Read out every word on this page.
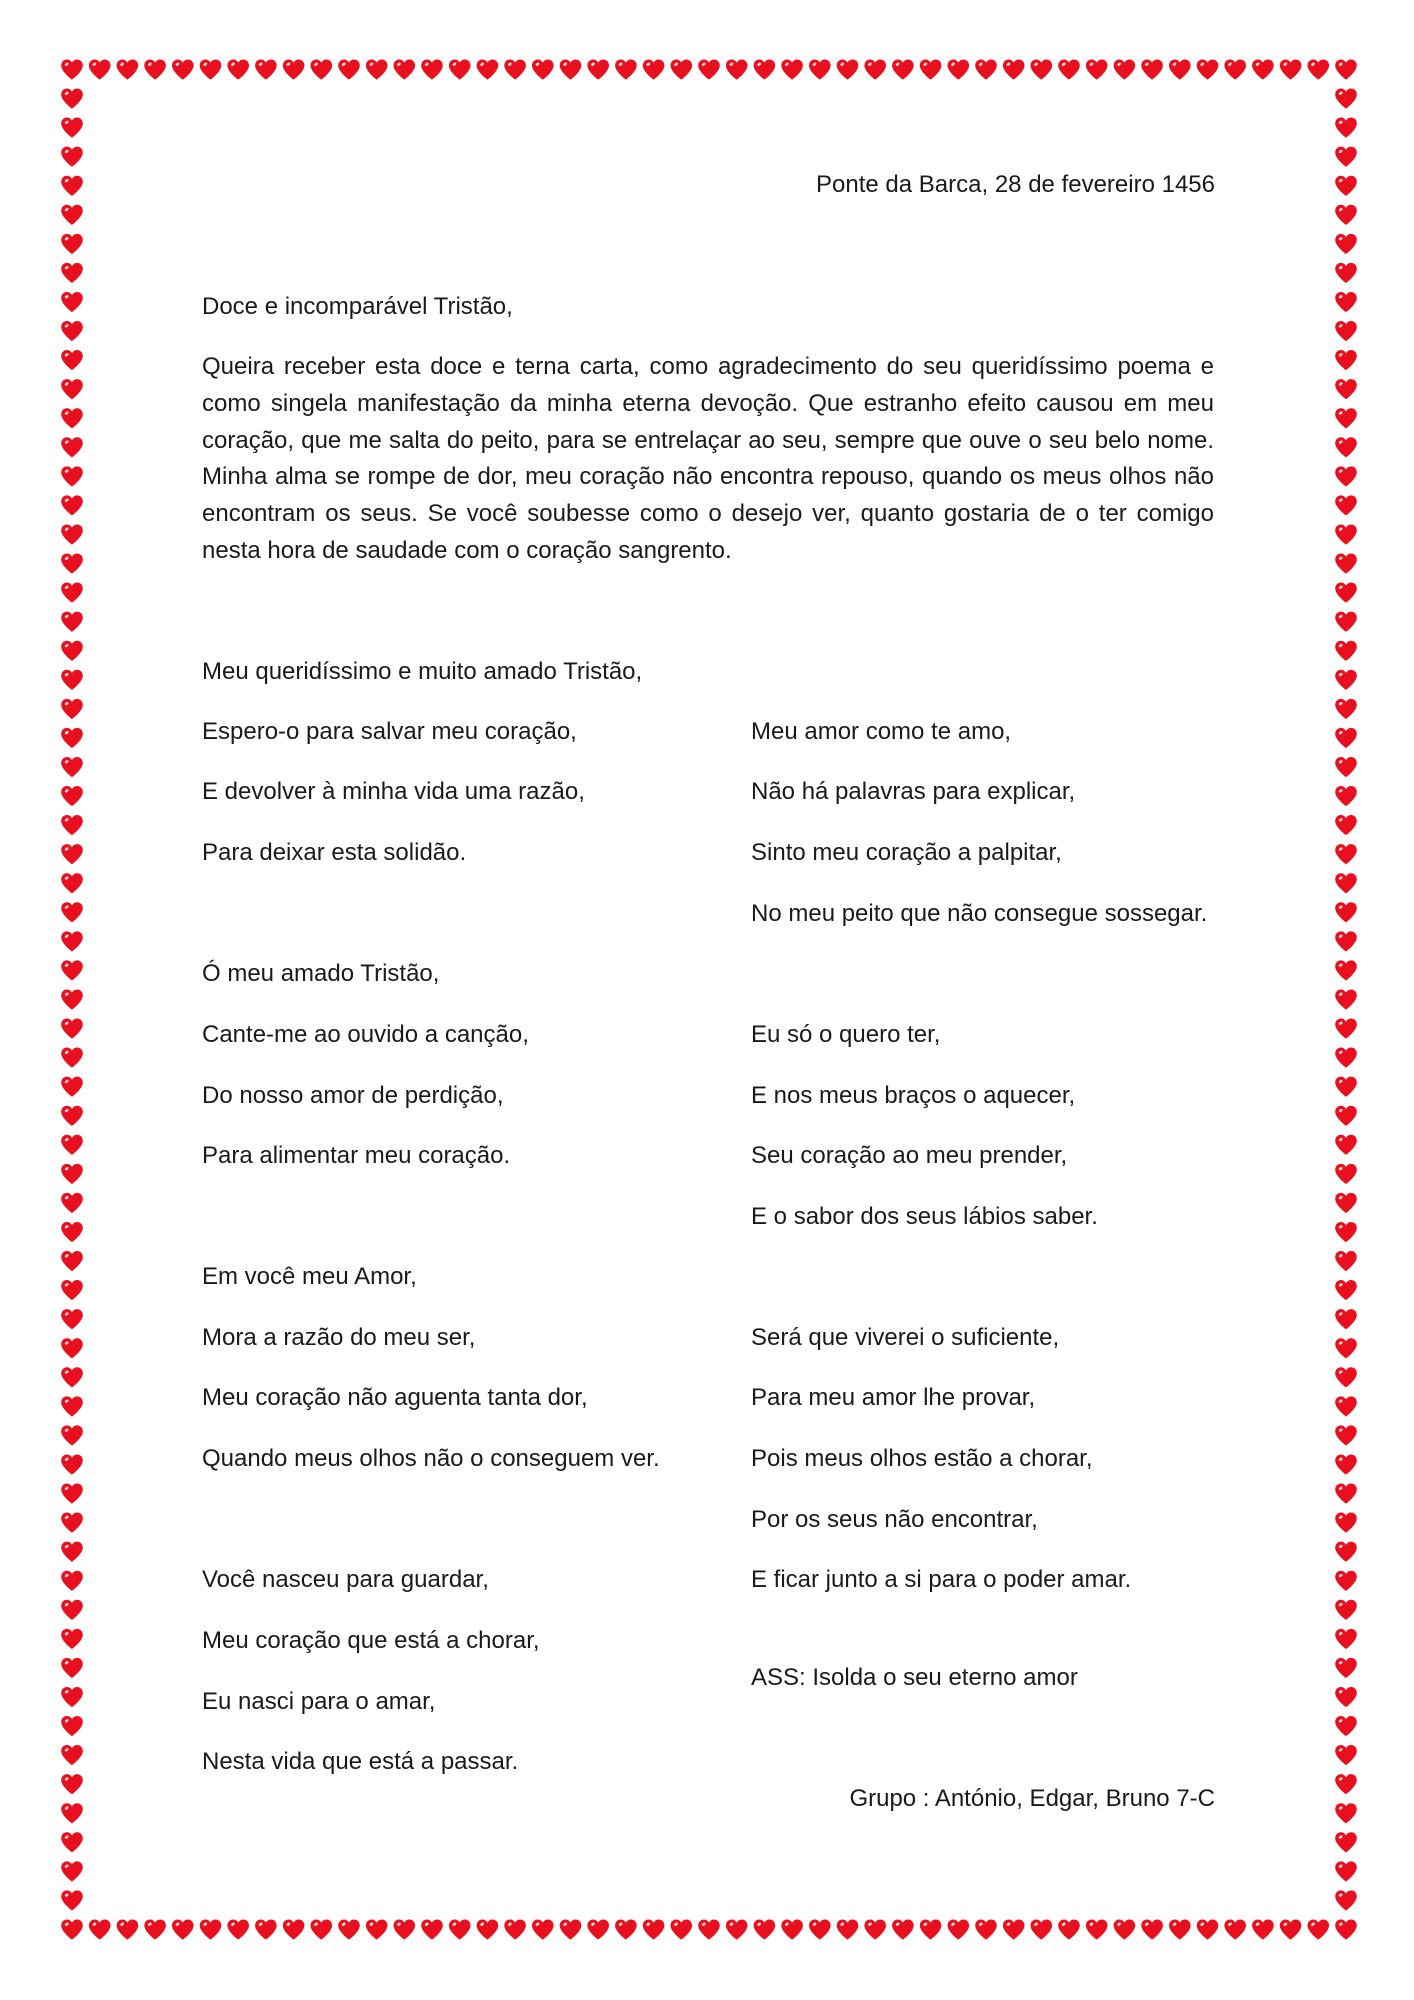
Ponte da Barca, 28 de fevereiro 1456
Doce e incomparável Tristão,
Queira receber esta doce e terna carta, como agradecimento do seu queridíssimo poema e como singela manifestação da minha eterna devoção. Que estranho efeito causou em meu coração, que me salta do peito, para se entrelaçar ao seu, sempre que ouve o seu belo nome. Minha alma se rompe de dor, meu coração não encontra repouso, quando os meus olhos não encontram os seus. Se você soubesse como o desejo ver, quanto gostaria de o ter comigo nesta hora de saudade com o coração sangrento.
Meu queridíssimo e muito amado Tristão,
Espero-o para salvar meu coração,
E devolver à minha vida uma razão,
Para deixar esta solidão.
Ó meu amado Tristão,
Cante-me ao ouvido a canção,
Do nosso amor de perdição,
Para alimentar meu coração.
Em você meu Amor,
Mora a razão do meu ser,
Meu coração não aguenta tanta dor,
Quando meus olhos não o conseguem ver.
Você nasceu para guardar,
Meu coração que está a chorar,
Eu nasci para o amar,
Nesta vida que está a passar.
Meu amor como te amo,
Não há palavras para explicar,
Sinto meu coração a palpitar,
No meu peito que não consegue sossegar.
Eu só o quero ter,
E nos meus braços o aquecer,
Seu coração ao meu prender,
E o sabor dos seus lábios saber.
Será que viverei o suficiente,
Para meu amor lhe provar,
Pois meus olhos estão a chorar,
Por os seus não encontrar,
E ficar junto a si para o poder amar.
ASS: Isolda o seu eterno amor
Grupo : António, Edgar, Bruno 7-C
